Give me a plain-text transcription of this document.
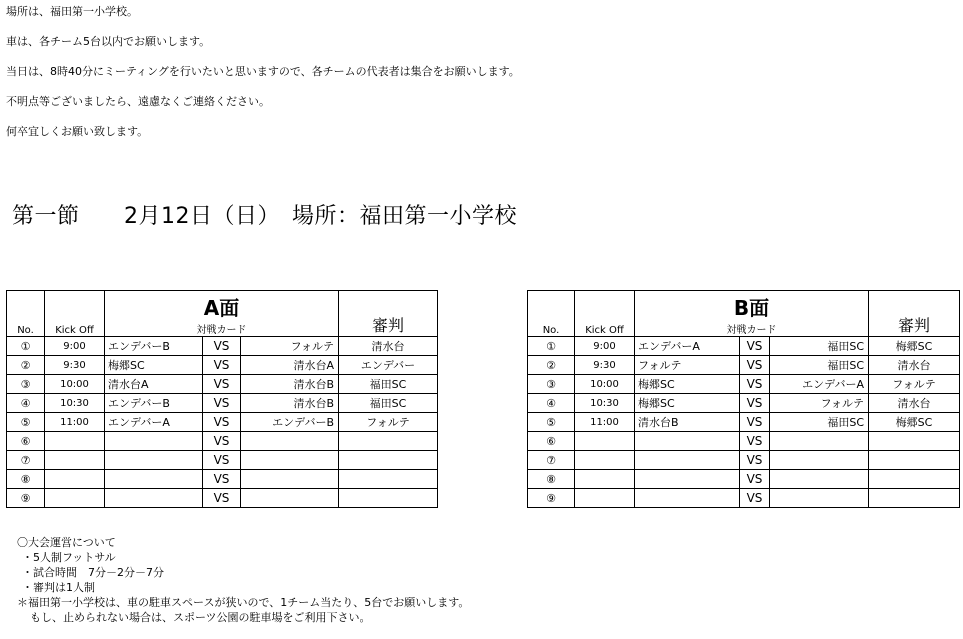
場所は、福田第一小学校。

車は、各チーム5台以内でお願いします。

当日は、8時40分にミーティングを行いたいと思いますので、各チームの代表者は集合をお願いします。

不明点等ございましたら、遠慮なくご連絡ください。

何卒宜しくお願い致します。

第一節 2月12日（日） 場所：福田第一小学校
No.	Kick Off	A面			審判
		対戦カード			
①	9:00	エンデバーB	VS	フォルテ	清水台
②	9:30	梅郷SC	VS	清水台A	エンデバー
③	10:00	清水台A	VS	清水台B	福田SC
④	10:30	エンデバーB	VS	清水台B	福田SC
⑤	11:00	エンデバーA	VS	エンデバーB	フォルテ
⑥			VS		
⑦			VS		
⑧			VS		
⑨			VS		
No.	Kick Off	B面			審判
		対戦カード			
①	9:00	エンデバーA	VS	福田SC	梅郷SC
②	9:30	フォルテ	VS	福田SC	清水台
③	10:00	梅郷SC	VS	エンデバーA	フォルテ
④	10:30	梅郷SC	VS	フォルテ	清水台
⑤	11:00	清水台B	VS	福田SC	梅郷SC
⑥			VS		
⑦			VS		
⑧			VS		
⑨			VS		
〇大会運営について
・5人制フットサル
・試合時間　7分－2分－7分
・審判は1人制
＊福田第一小学校は、車の駐車スペースが狭いので、1チーム当たり、5台でお願いします。
もし、止められない場合は、スポーツ公園の駐車場をご利用下さい。
